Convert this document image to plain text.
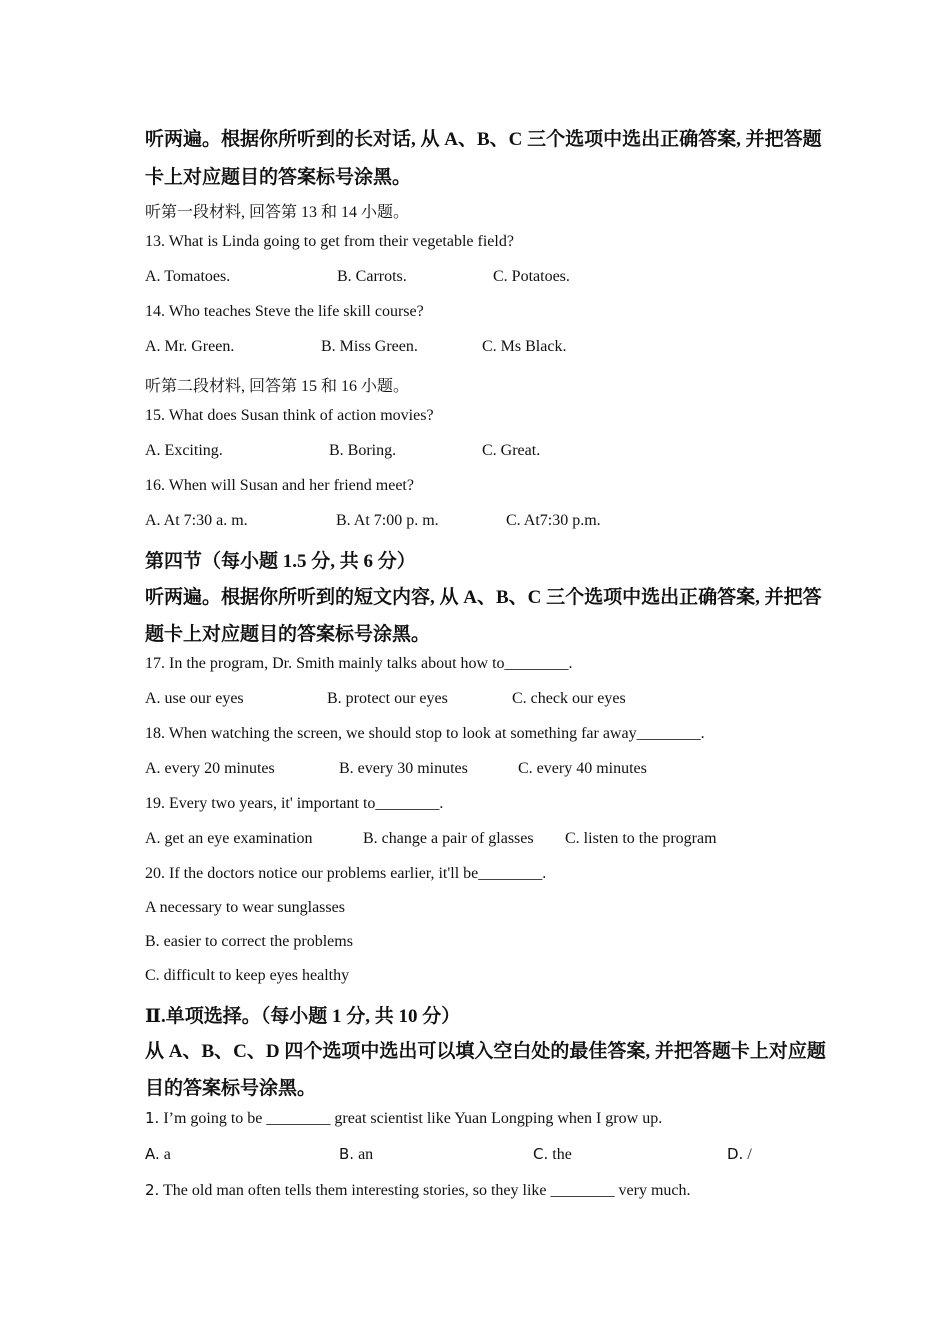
听两遍。根据你所听到的长对话, 从 A、B、C 三个选项中选出正确答案, 并把答题
卡上对应题目的答案标号涂黑。
听第一段材料, 回答第 13 和 14 小题。
13. What is Linda going to get from their vegetable field?
A. Tomatoes.	B. Carrots.	C. Potatoes.
14. Who teaches Steve the life skill course?
A. Mr. Green.	B. Miss Green.	C. Ms Black.
听第二段材料, 回答第 15 和 16 小题。
15. What does Susan think of action movies?
A. Exciting.	B. Boring.	C. Great.
16. When will Susan and her friend meet?
A. At 7:30 a. m.	B. At 7:00 p. m.	C. At7:30 p.m.
第四节（每小题 1.5 分, 共 6 分）
听两遍。根据你所听到的短文内容, 从 A、B、C 三个选项中选出正确答案, 并把答
题卡上对应题目的答案标号涂黑。
17. In the program, Dr. Smith mainly talks about how to________.
A. use our eyes	B. protect our eyes	C. check our eyes
18. When watching the screen, we should stop to look at something far away________.
A. every 20 minutes	B. every 30 minutes	C. every 40 minutes
19. Every two years, it' important to________.
A. get an eye examination	B. change a pair of glasses C. listen to the program
20. If the doctors notice our problems earlier, it'll be________.
A necessary to wear sunglasses
B. easier to correct the problems
C. difficult to keep eyes healthy
Ⅱ.单项选择。（每小题 1 分, 共 10 分）
从 A、B、C、D 四个选项中选出可以填入空白处的最佳答案, 并把答题卡上对应题
目的答案标号涂黑。
1. I’m going to be ________ great scientist like Yuan Longping when I grow up.
A. a	B. an	C. the	D. /
2. The old man often tells them interesting stories, so they like ________ very much.
